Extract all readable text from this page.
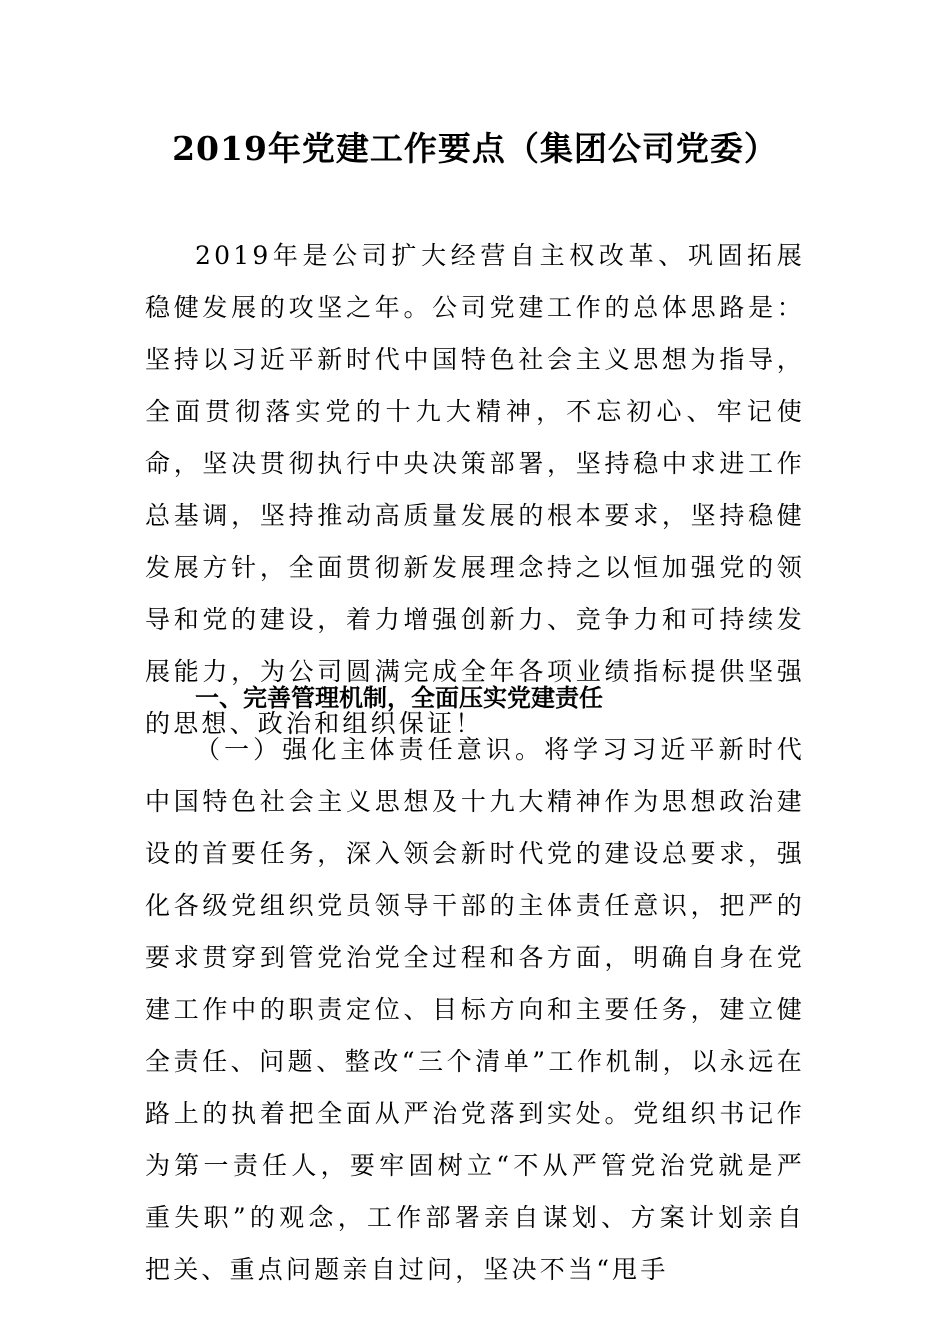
2019年党建工作要点（集团公司党委）

2019年是公司扩大经营自主权改革、巩固拓展稳健发展的攻坚之年。公司党建工作的总体思路是：坚持以习近平新时代中国特色社会主义思想为指导，全面贯彻落实党的十九大精神，不忘初心、牢记使命，坚决贯彻执行中央决策部署，坚持稳中求进工作总基调，坚持推动高质量发展的根本要求，坚持稳健发展方针，全面贯彻新发展理念持之以恒加强党的领导和党的建设，着力增强创新力、竞争力和可持续发展能力，为公司圆满完成全年各项业绩指标提供坚强的思想、政治和组织保证！

一、完善管理机制，全面压实党建责任

（一）强化主体责任意识。将学习习近平新时代中国特色社会主义思想及十九大精神作为思想政治建设的首要任务，深入领会新时代党的建设总要求，强化各级党组织党员领导干部的主体责任意识，把严的要求贯穿到管党治党全过程和各方面，明确自身在党建工作中的职责定位、目标方向和主要任务，建立健全责任、问题、整改“三个清单”工作机制，以永远在路上的执着把全面从严治党落到实处。党组织书记作为第一责任人，要牢固树立“不从严管党治党就是严重失职”的观念，工作部署亲自谋划、方案计划亲自把关、重点问题亲自过问，坚决不当“甩手
